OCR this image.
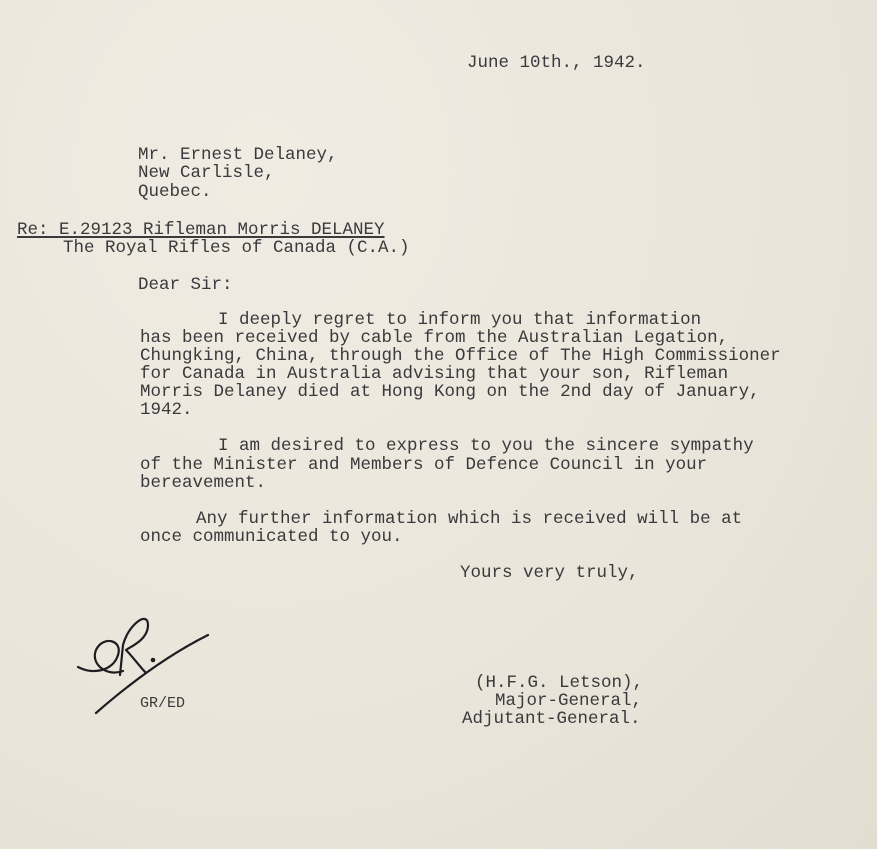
June 10th., 1942.
Mr. Ernest Delaney,
New Carlisle,
Quebec.
Re: E.29123 Rifleman Morris DELANEY
The Royal Rifles of Canada (C.A.)
Dear Sir:
I deeply regret to inform you that information
has been received by cable from the Australian Legation,
Chungking, China, through the Office of The High Commissioner
for Canada in Australia advising that your son, Rifleman
Morris Delaney died at Hong Kong on the 2nd day of January,
1942.
I am desired to express to you the sincere sympathy
of the Minister and Members of Defence Council in your
bereavement.
Any further information which is received will be at
once communicated to you.
Yours very truly,
GR/ED
(H.F.G. Letson),
Major-General,
Adjutant-General.
